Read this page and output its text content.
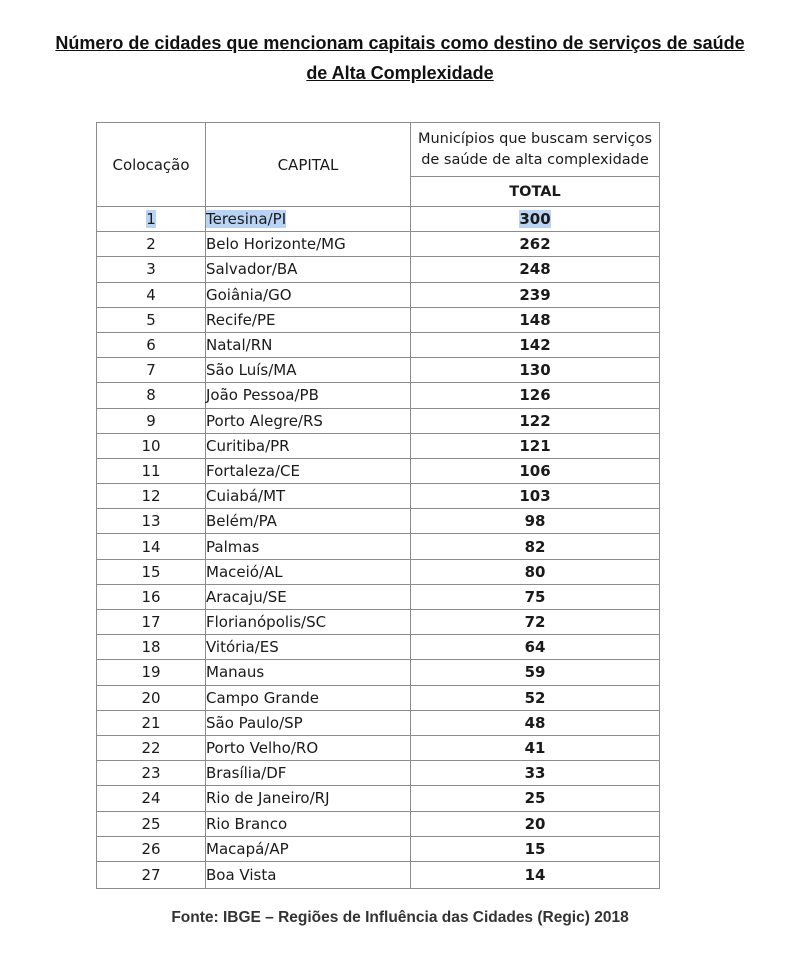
Número de cidades que mencionam capitais como destino de serviços de saúde
de Alta Complexidade
Colocação	CAPITAL	Municípios que buscam serviços de saúde de alta complexidade
		TOTAL
1	Teresina/PI	300
2	Belo Horizonte/MG	262
3	Salvador/BA	248
4	Goiânia/GO	239
5	Recife/PE	148
6	Natal/RN	142
7	São Luís/MA	130
8	João Pessoa/PB	126
9	Porto Alegre/RS	122
10	Curitiba/PR	121
11	Fortaleza/CE	106
12	Cuiabá/MT	103
13	Belém/PA	98
14	Palmas	82
15	Maceió/AL	80
16	Aracaju/SE	75
17	Florianópolis/SC	72
18	Vitória/ES	64
19	Manaus	59
20	Campo Grande	52
21	São Paulo/SP	48
22	Porto Velho/RO	41
23	Brasília/DF	33
24	Rio de Janeiro/RJ	25
25	Rio Branco	20
26	Macapá/AP	15
27	Boa Vista	14
Fonte: IBGE – Regiões de Influência das Cidades (Regic) 2018
